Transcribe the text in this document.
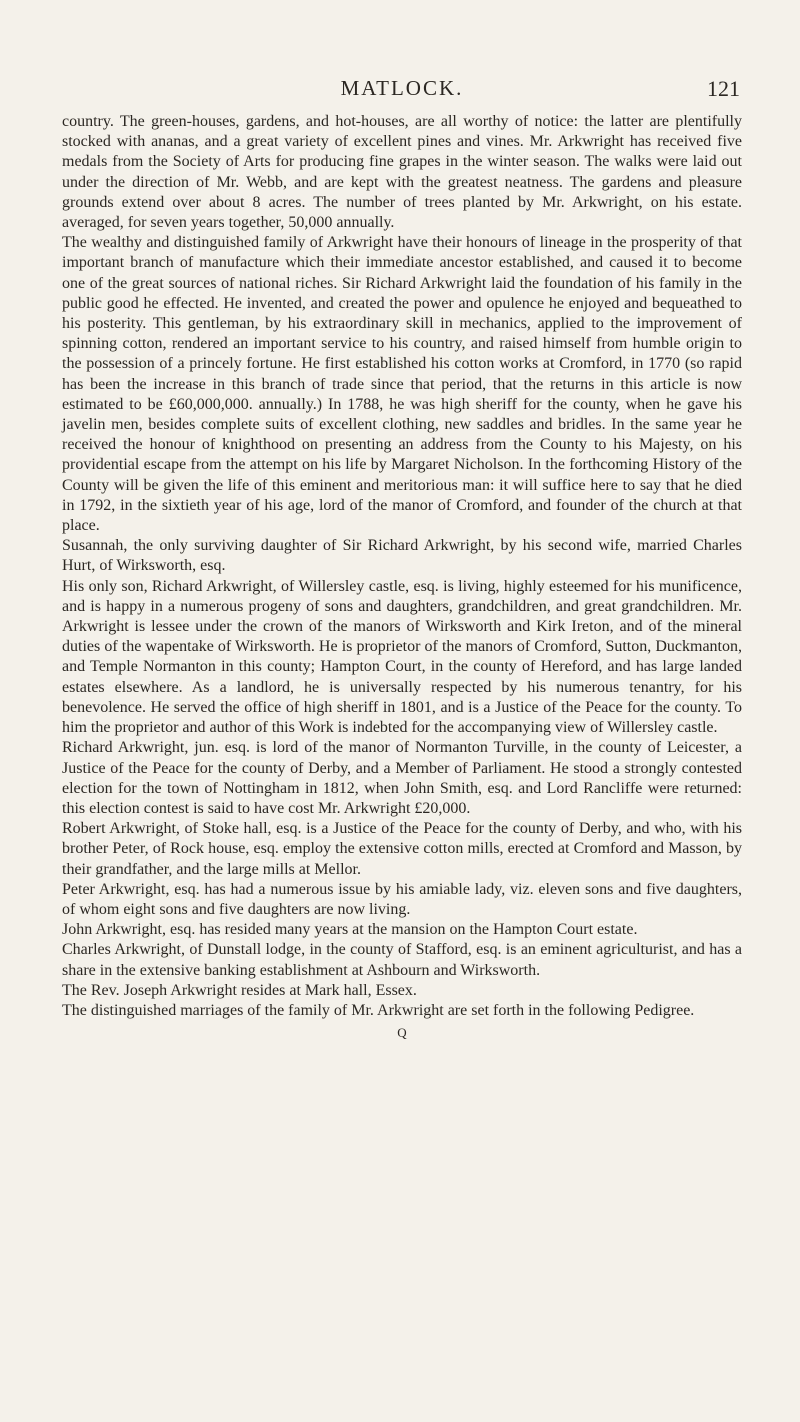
MATLOCK.	121

country. The green-houses, gardens, and hot-houses, are all worthy of notice: the latter are plentifully stocked with ananas, and a great variety of excellent pines and vines. Mr. Arkwright has received five medals from the Society of Arts for producing fine grapes in the winter season. The walks were laid out under the direction of Mr. Webb, and are kept with the greatest neatness. The gardens and pleasure grounds extend over about 8 acres. The number of trees planted by Mr. Arkwright, on his estate. averaged, for seven years together, 50,000 annually.

The wealthy and distinguished family of Arkwright have their honours of lineage in the prosperity of that important branch of manufacture which their immediate ancestor established, and caused it to become one of the great sources of national riches. Sir Richard Arkwright laid the foundation of his family in the public good he effected. He invented, and created the power and opulence he enjoyed and bequeathed to his posterity. This gentleman, by his extraordinary skill in mechanics, applied to the improvement of spinning cotton, rendered an important service to his country, and raised himself from humble origin to the possession of a princely fortune. He first established his cotton works at Cromford, in 1770 (so rapid has been the increase in this branch of trade since that period, that the returns in this article is now estimated to be £60,000,000. annually.) In 1788, he was high sheriff for the county, when he gave his javelin men, besides complete suits of excellent clothing, new saddles and bridles. In the same year he received the honour of knighthood on presenting an address from the County to his Majesty, on his providential escape from the attempt on his life by Margaret Nicholson. In the forthcoming History of the County will be given the life of this eminent and meritorious man: it will suffice here to say that he died in 1792, in the sixtieth year of his age, lord of the manor of Cromford, and founder of the church at that place.

Susannah, the only surviving daughter of Sir Richard Arkwright, by his second wife, married Charles Hurt, of Wirksworth, esq.

His only son, Richard Arkwright, of Willersley castle, esq. is living, highly esteemed for his munificence, and is happy in a numerous progeny of sons and daughters, grandchildren, and great grandchildren. Mr. Arkwright is lessee under the crown of the manors of Wirksworth and Kirk Ireton, and of the mineral duties of the wapentake of Wirksworth. He is proprietor of the manors of Cromford, Sutton, Duckmanton, and Temple Normanton in this county; Hampton Court, in the county of Hereford, and has large landed estates elsewhere. As a landlord, he is universally respected by his numerous tenantry, for his benevolence. He served the office of high sheriff in 1801, and is a Justice of the Peace for the county. To him the proprietor and author of this Work is indebted for the accompanying view of Willersley castle.

Richard Arkwright, jun. esq. is lord of the manor of Normanton Turville, in the county of Leicester, a Justice of the Peace for the county of Derby, and a Member of Parliament. He stood a strongly contested election for the town of Nottingham in 1812, when John Smith, esq. and Lord Rancliffe were returned: this election contest is said to have cost Mr. Arkwright £20,000.

Robert Arkwright, of Stoke hall, esq. is a Justice of the Peace for the county of Derby, and who, with his brother Peter, of Rock house, esq. employ the extensive cotton mills, erected at Cromford and Masson, by their grandfather, and the large mills at Mellor.

Peter Arkwright, esq. has had a numerous issue by his amiable lady, viz. eleven sons and five daughters, of whom eight sons and five daughters are now living.

John Arkwright, esq. has resided many years at the mansion on the Hampton Court estate.

Charles Arkwright, of Dunstall lodge, in the county of Stafford, esq. is an eminent agriculturist, and has a share in the extensive banking establishment at Ashbourn and Wirksworth.

The Rev. Joseph Arkwright resides at Mark hall, Essex.

The distinguished marriages of the family of Mr. Arkwright are set forth in the following Pedigree.

Q
